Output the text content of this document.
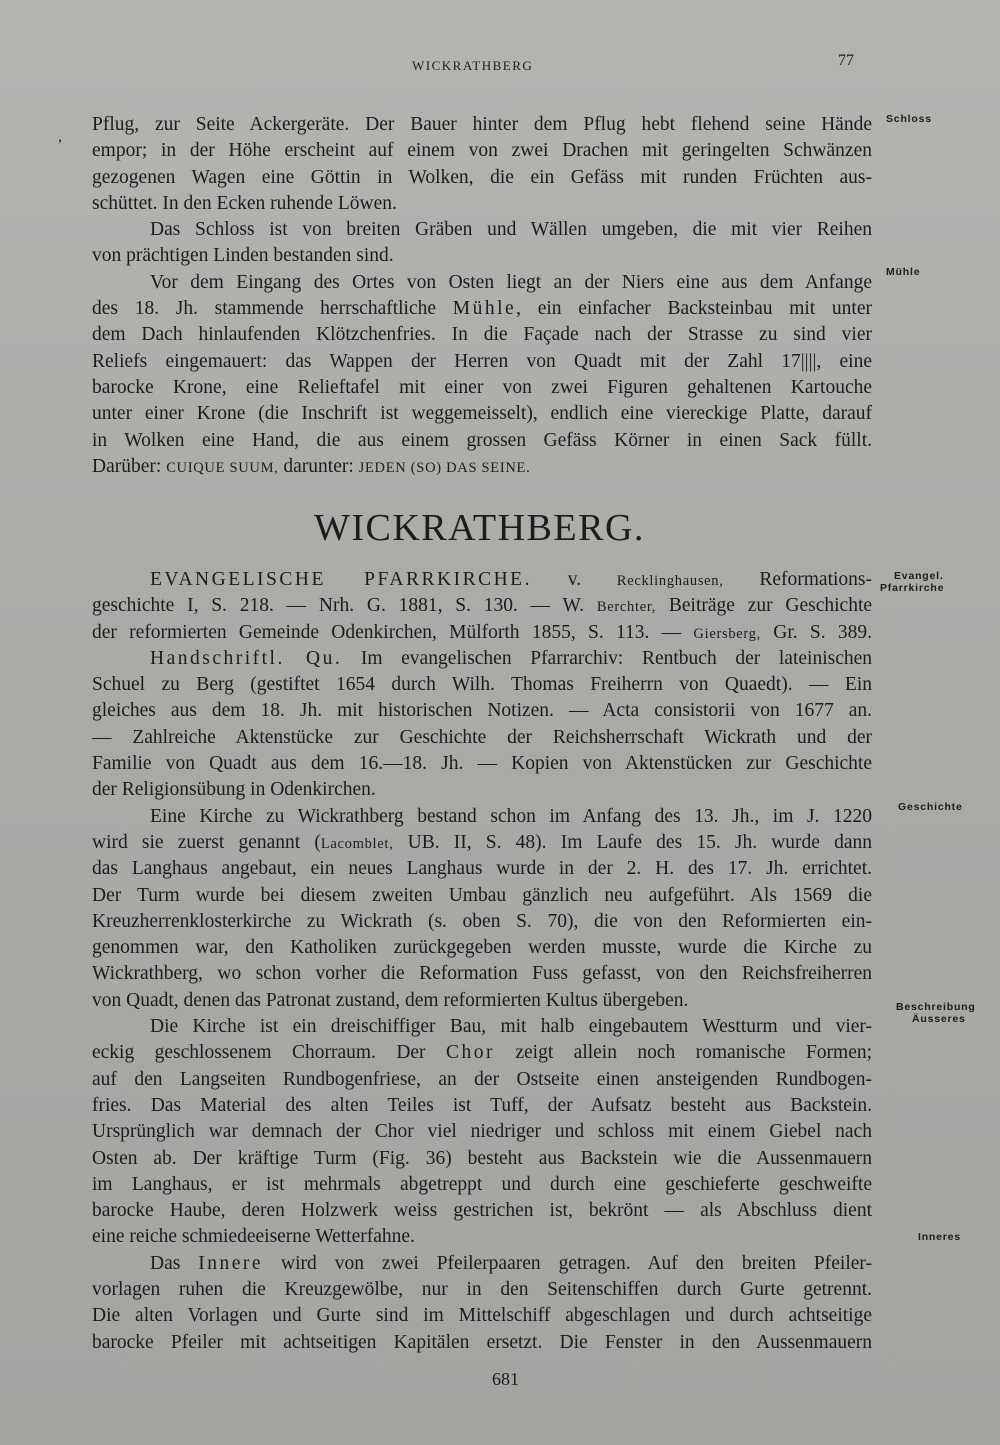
WICKRATHBERG	77
,
Pflug, zur Seite Ackergeräte. Der Bauer hinter dem Pflug hebt flehend seine Hände
empor; in der Höhe erscheint auf einem von zwei Drachen mit geringelten Schwänzen
gezogenen Wagen eine Göttin in Wolken, die ein Gefäss mit runden Früchten aus-
schüttet. In den Ecken ruhende Löwen.
Das Schloss ist von breiten Gräben und Wällen umgeben, die mit vier Reihen
von prächtigen Linden bestanden sind.
Vor dem Eingang des Ortes von Osten liegt an der Niers eine aus dem Anfange
des 18. Jh. stammende herrschaftliche Mühle, ein einfacher Backsteinbau mit unter
dem Dach hinlaufenden Klötzchenfries. In die Façade nach der Strasse zu sind vier
Reliefs eingemauert: das Wappen der Herren von Quadt mit der Zahl 17||||, eine
barocke Krone, eine Relieftafel mit einer von zwei Figuren gehaltenen Kartouche
unter einer Krone (die Inschrift ist weggemeisselt), endlich eine viereckige Platte, darauf
in Wolken eine Hand, die aus einem grossen Gefäss Körner in einen Sack füllt.
Darüber: CUIQUE SUUM, darunter: JEDEN (SO) DAS SEINE.
WICKRATHBERG.
EVANGELISCHE PFARRKIRCHE. v. Recklinghausen, Reformations-
geschichte I, S. 218. — Nrh. G. 1881, S. 130. — W. Berchter, Beiträge zur Geschichte
der reformierten Gemeinde Odenkirchen, Mülforth 1855, S. 113. — Giersberg, Gr. S. 389.
Handschriftl. Qu. Im evangelischen Pfarrarchiv: Rentbuch der lateinischen
Schuel zu Berg (gestiftet 1654 durch Wilh. Thomas Freiherrn von Quaedt). — Ein
gleiches aus dem 18. Jh. mit historischen Notizen. — Acta consistorii von 1677 an.
— Zahlreiche Aktenstücke zur Geschichte der Reichsherrschaft Wickrath und der
Familie von Quadt aus dem 16.—18. Jh. — Kopien von Aktenstücken zur Geschichte
der Religionsübung in Odenkirchen.
Eine Kirche zu Wickrathberg bestand schon im Anfang des 13. Jh., im J. 1220
wird sie zuerst genannt (Lacomblet, UB. II, S. 48). Im Laufe des 15. Jh. wurde dann
das Langhaus angebaut, ein neues Langhaus wurde in der 2. H. des 17. Jh. errichtet.
Der Turm wurde bei diesem zweiten Umbau gänzlich neu aufgeführt. Als 1569 die
Kreuzherrenklosterkirche zu Wickrath (s. oben S. 70), die von den Reformierten ein-
genommen war, den Katholiken zurückgegeben werden musste, wurde die Kirche zu
Wickrathberg, wo schon vorher die Reformation Fuss gefasst, von den Reichsfreiherren
von Quadt, denen das Patronat zustand, dem reformierten Kultus übergeben.
Die Kirche ist ein dreischiffiger Bau, mit halb eingebautem Westturm und vier-
eckig geschlossenem Chorraum. Der Chor zeigt allein noch romanische Formen;
auf den Langseiten Rundbogenfriese, an der Ostseite einen ansteigenden Rundbogen-
fries. Das Material des alten Teiles ist Tuff, der Aufsatz besteht aus Backstein.
Ursprünglich war demnach der Chor viel niedriger und schloss mit einem Giebel nach
Osten ab. Der kräftige Turm (Fig. 36) besteht aus Backstein wie die Aussenmauern
im Langhaus, er ist mehrmals abgetreppt und durch eine geschieferte geschweifte
barocke Haube, deren Holzwerk weiss gestrichen ist, bekrönt — als Abschluss dient
eine reiche schmiedeeiserne Wetterfahne.
Das Innere wird von zwei Pfeilerpaaren getragen. Auf den breiten Pfeiler-
vorlagen ruhen die Kreuzgewölbe, nur in den Seitenschiffen durch Gurte getrennt.
Die alten Vorlagen und Gurte sind im Mittelschiff abgeschlagen und durch achtseitige
barocke Pfeiler mit achtseitigen Kapitälen ersetzt. Die Fenster in den Aussenmauern
Schloss
Mühle
Evangel.
Pfarrkirche
Geschichte
Beschreibung
Äusseres
Inneres
681
